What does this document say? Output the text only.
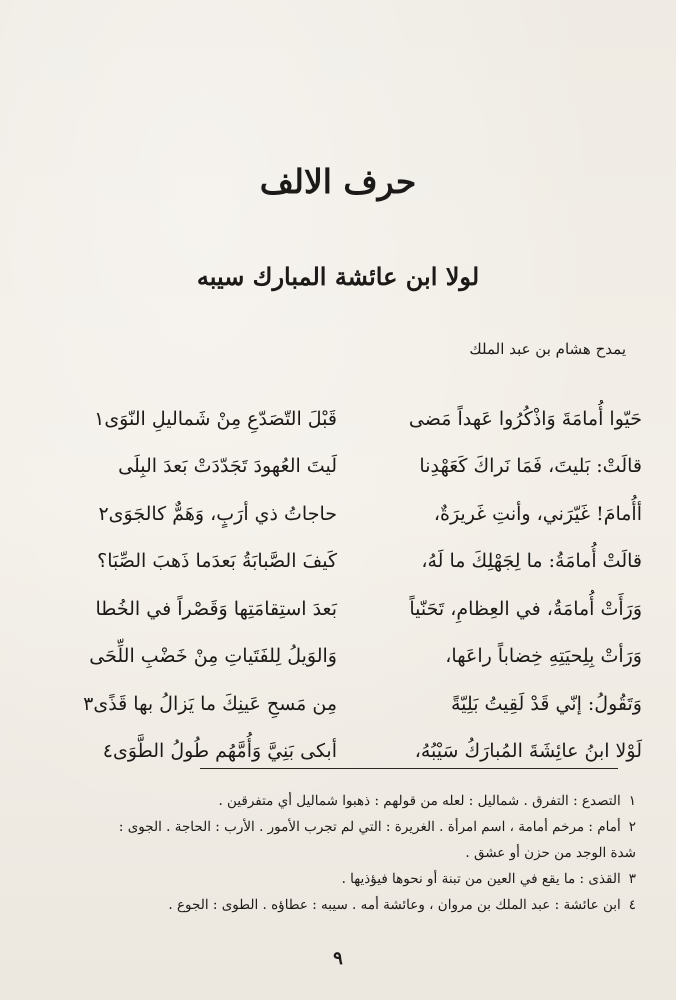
حرف الالف
لولا ابن عائشة المبارك سيبه
يمدح هشام بن عبد الملك
حَيّوا أُمامَةَ وَاذْكُرُوا عَهداً مَضى
قَبْلَ التّصَدّعِ مِنْ شَماليلِ النّوَى١
قالَتْ: بَليتَ، فَمَا نَراكَ كَعَهْدِنا
لَيتَ العُهودَ تَجَدّدَتْ بَعدَ البِلَى
أأُمامَ! غَيّرَني، وأنتِ غَريرَةٌ،
حاجاتُ ذي أرَبٍ، وَهَمٌّ كالجَوَى٢
قالَتْ أُمامَةُ: ما لِجَهْلِكَ ما لَهُ،
كَيفَ الصَّبابَةُ بَعدَما ذَهبَ الصِّبَا؟
وَرَأَتْ أُمامَةُ، في العِظامِ، تَحَنّياً
بَعدَ استِقامَتِها وَقَصْراً في الخُطا
وَرَأتْ بِلِحيَتِهِ خِضاباً راعَها،
وَالوَيلُ لِلفَتَياتِ مِنْ خَضْبِ اللِّحَى
وَتَقُولُ: إنّي قَدْ لَقِيتُ بَلِيّةً
مِن مَسحِ عَينِكَ ما يَزالُ بها قَذًى٣
لَوْلا ابنُ عائِشَةَ المُبارَكُ سَيْبُهُ،
أبكى بَنِيَّ وَأُمَّهُم طُولُ الطَّوَى٤

١التصدع : التفرق . شماليل : لعله من قولهم : ذهبوا شماليل أي متفرقين .

٢أمام : مرخم أمامة ، اسم امرأة . الغريرة : التي لم تجرب الأمور . الأرب : الحاجة . الجوى :
شدة الوجد من حزن أو عشق .

٣القذى : ما يقع في العين من تبنة أو نحوها فيؤذيها .

٤ابن عائشة : عبد الملك بن مروان ، وعائشة أمه . سيبه : عطاؤه . الطوى : الجوع .

٩
